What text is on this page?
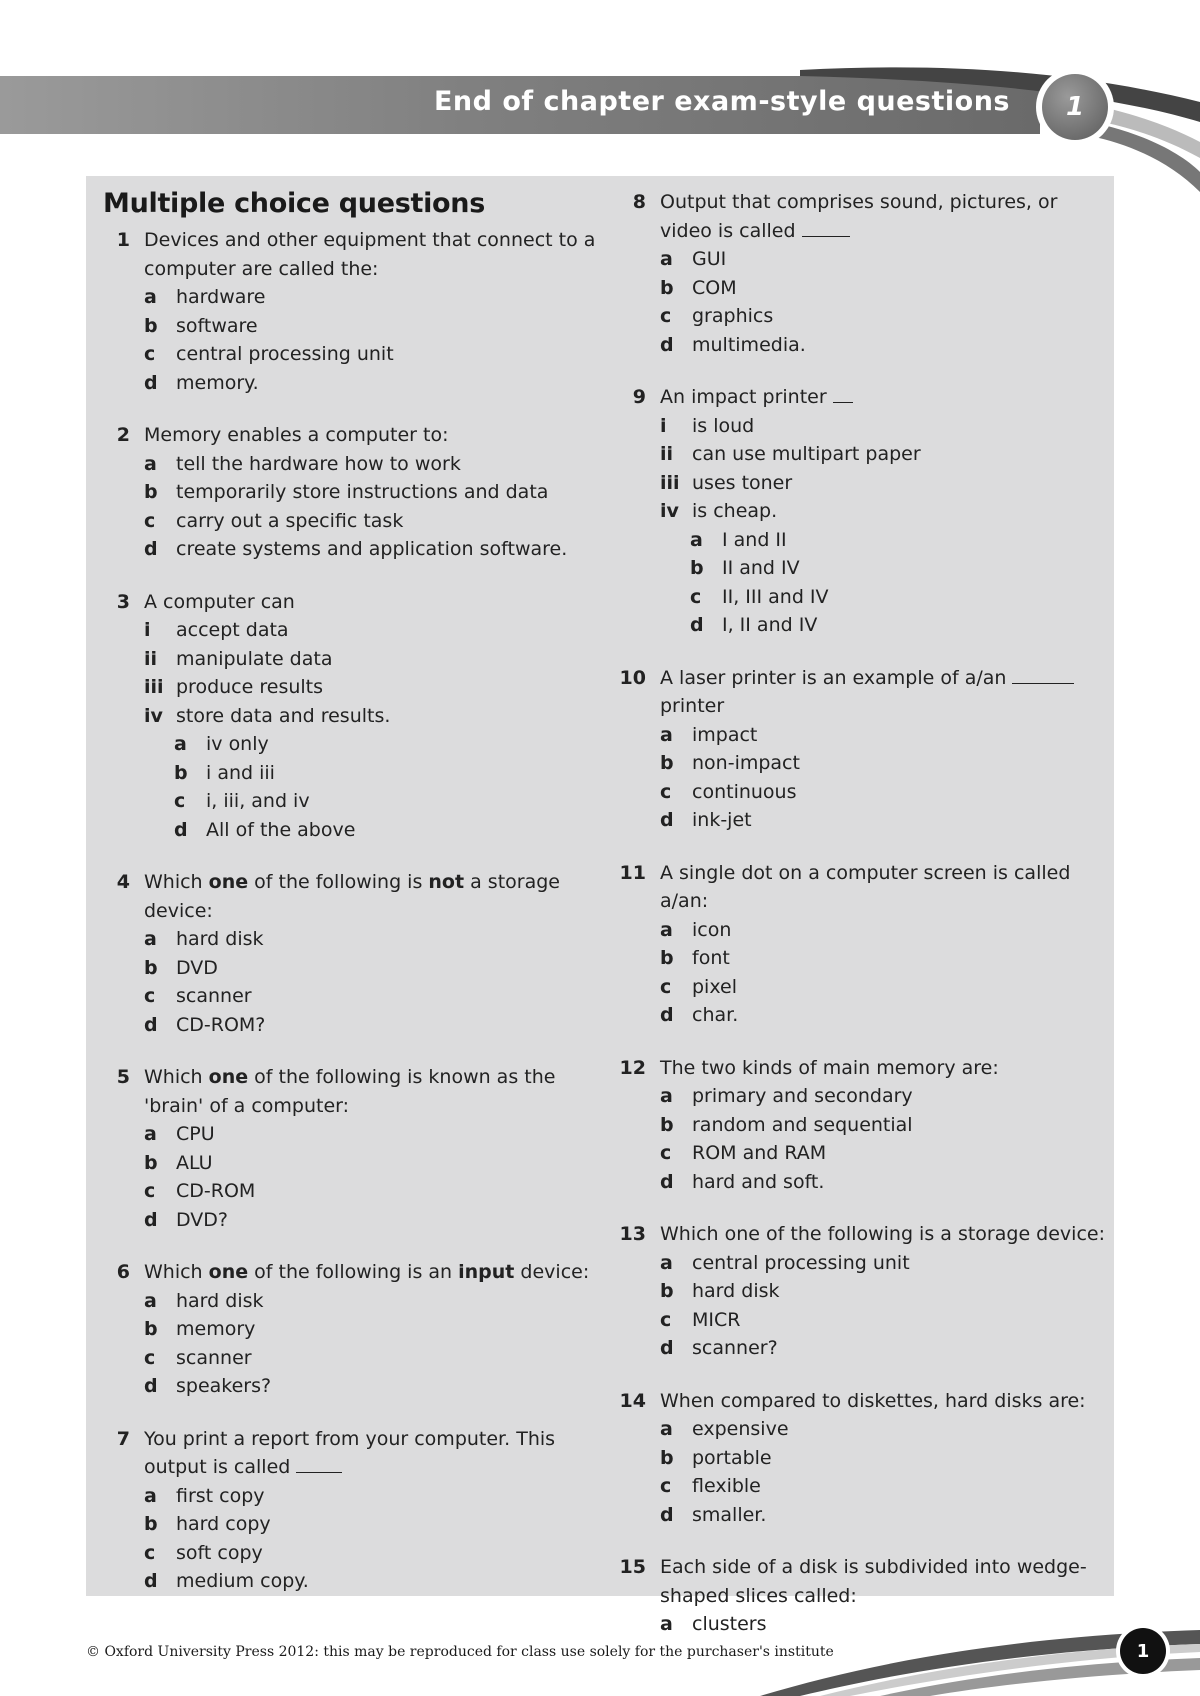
End of chapter exam-style questions	1
Multiple choice questions
1 Devices and other equipment that connect to a computer are called the:
a	hardware
b software
c	central processing unit
d memory.
2 Memory enables a computer to:
a	tell the hardware how to work
b temporarily store instructions and data
c	carry out a specific task
d create systems and application software.
3 A computer can
i	accept data
ii manipulate data
iii produce results
iv store data and results.
a	iv only
b i and iii
c	i, iii, and iv
d All of the above
4 Which one of the following is not a storage device:
a	hard disk
b DVD
c	scanner
d CD-ROM?
5 Which one of the following is known as the 'brain' of a computer:
a	CPU
b ALU
c	CD-ROM
d DVD?
6 Which one of the following is an input device:
a	hard disk
b memory
c	scanner
d speakers?
7 You print a report from your computer. This output is called
a	first copy
b hard copy
c	soft copy
d medium copy.
8 Output that comprises sound, pictures, or video is called
a	GUI
b COM
c	graphics
d multimedia.
9 An impact printer
i	is loud
ii can use multipart paper
iii uses toner
iv is cheap.
a	I and II
b II and IV
c	II, III and IV
d I, II and IV
10 A laser printer is an example of a/an  printer
a	impact
b non-impact
c	continuous
d ink-jet
11 A single dot on a computer screen is called a/an:
a	icon
b font
c	pixel
d char.
12 The two kinds of main memory are:
a	primary and secondary
b random and sequential
c	ROM and RAM
d hard and soft.
13 Which one of the following is a storage device:
a	central processing unit
b hard disk
c	MICR
d scanner?
14 When compared to diskettes, hard disks are:
a	expensive
b portable
c	flexible
d smaller.
15 Each side of a disk is subdivided into wedge-shaped slices called:
a	clusters
© Oxford University Press 2012: this may be reproduced for class use solely for the purchaser's institute	1
